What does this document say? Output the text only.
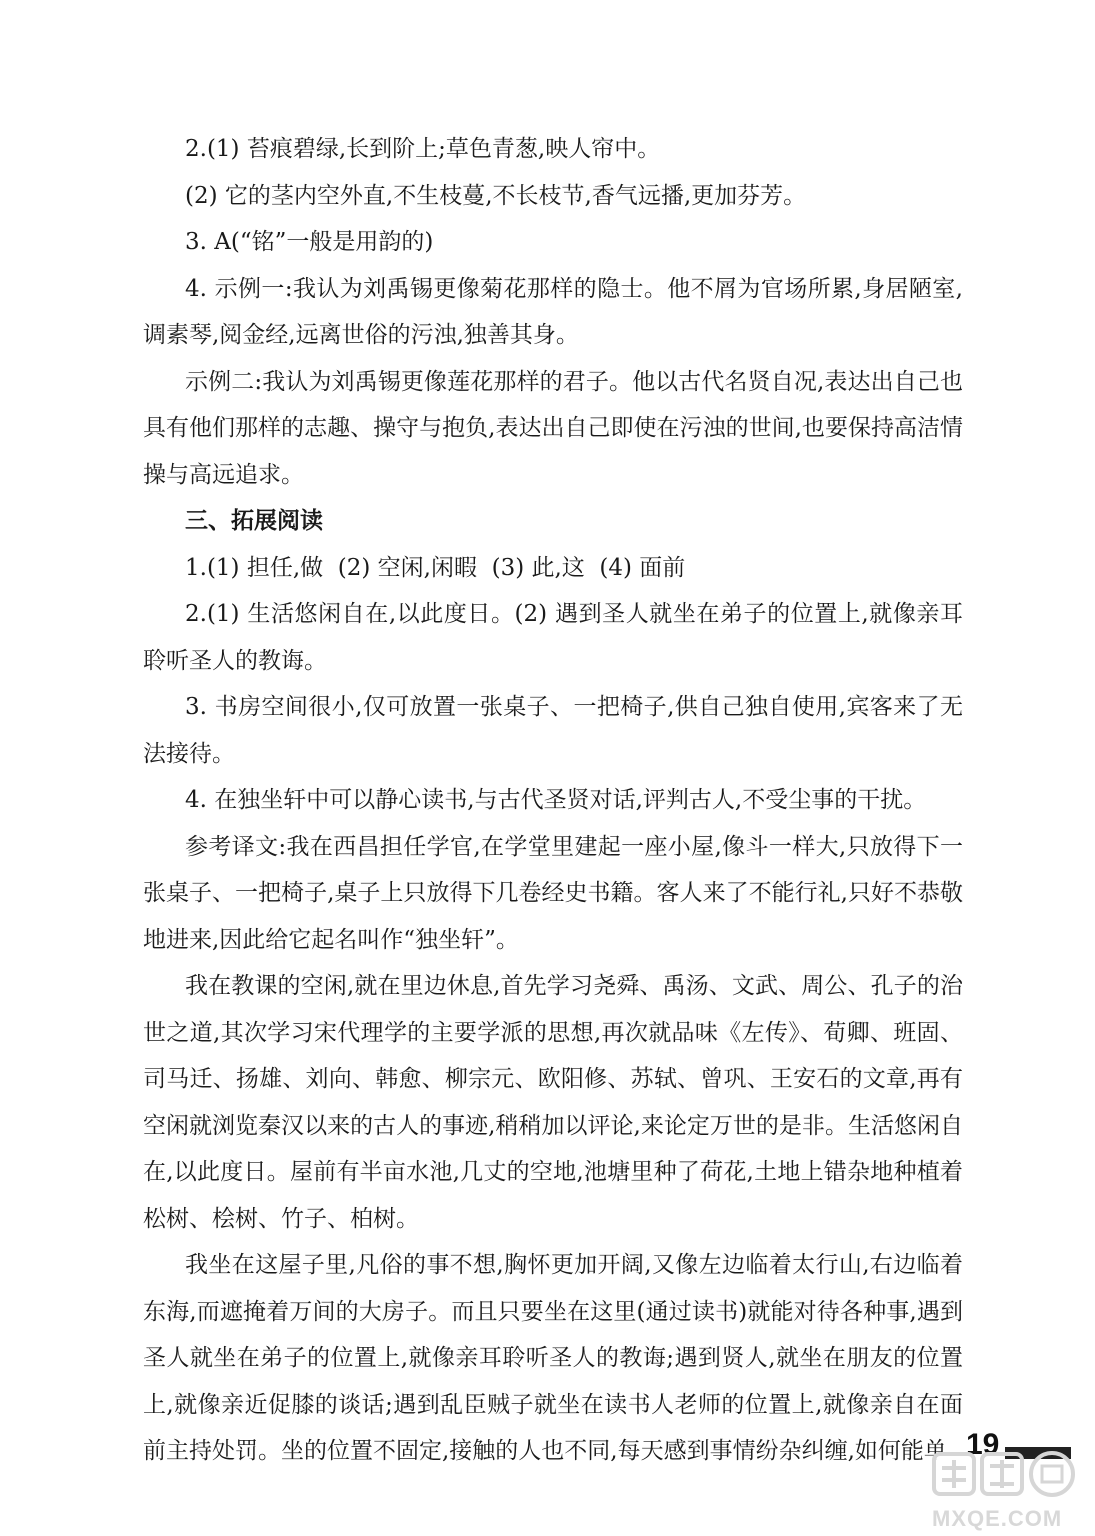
2.(1) 苔痕碧绿,长到阶上;草色青葱,映人帘中。

(2) 它的茎内空外直,不生枝蔓,不长枝节,香气远播,更加芬芳。

3. A(“铭”一般是用韵的)

4. 示例一:我认为刘禹锡更像菊花那样的隐士。他不屑为官场所累,身居陋室,调素琴,阅金经,远离世俗的污浊,独善其身。

示例二:我认为刘禹锡更像莲花那样的君子。他以古代名贤自况,表达出自己也具有他们那样的志趣、操守与抱负,表达出自己即使在污浊的世间,也要保持高洁情操与高远追求。

三、拓展阅读

1.(1) 担任,做  (2) 空闲,闲暇  (3) 此,这  (4) 面前

2.(1) 生活悠闲自在,以此度日。(2) 遇到圣人就坐在弟子的位置上,就像亲耳聆听圣人的教诲。

3. 书房空间很小,仅可放置一张桌子、一把椅子,供自己独自使用,宾客来了无法接待。

4. 在独坐轩中可以静心读书,与古代圣贤对话,评判古人,不受尘事的干扰。

参考译文:我在西昌担任学官,在学堂里建起一座小屋,像斗一样大,只放得下一张桌子、一把椅子,桌子上只放得下几卷经史书籍。客人来了不能行礼,只好不恭敬地进来,因此给它起名叫作“独坐轩”。

我在教课的空闲,就在里边休息,首先学习尧舜、禹汤、文武、周公、孔子的治世之道,其次学习宋代理学的主要学派的思想,再次就品味《左传》、荀卿、班固、司马迁、扬雄、刘向、韩愈、柳宗元、欧阳修、苏轼、曾巩、王安石的文章,再有空闲就浏览秦汉以来的古人的事迹,稍稍加以评论,来论定万世的是非。生活悠闲自在,以此度日。屋前有半亩水池,几丈的空地,池塘里种了荷花,土地上错杂地种植着松树、桧树、竹子、柏树。

我坐在这屋子里,凡俗的事不想,胸怀更加开阔,又像左边临着太行山,右边临着东海,而遮掩着万间的大房子。而且只要坐在这里(通过读书)就能对待各种事,遇到圣人就坐在弟子的位置上,就像亲耳聆听圣人的教诲;遇到贤人,就坐在朋友的位置上,就像亲近促膝的谈话;遇到乱臣贼子就坐在读书人老师的位置上,就像亲自在面前主持处罚。坐的位置不固定,接触的人也不同,每天感到事情纷杂纠缠,如何能单 19
MXQE.COM
